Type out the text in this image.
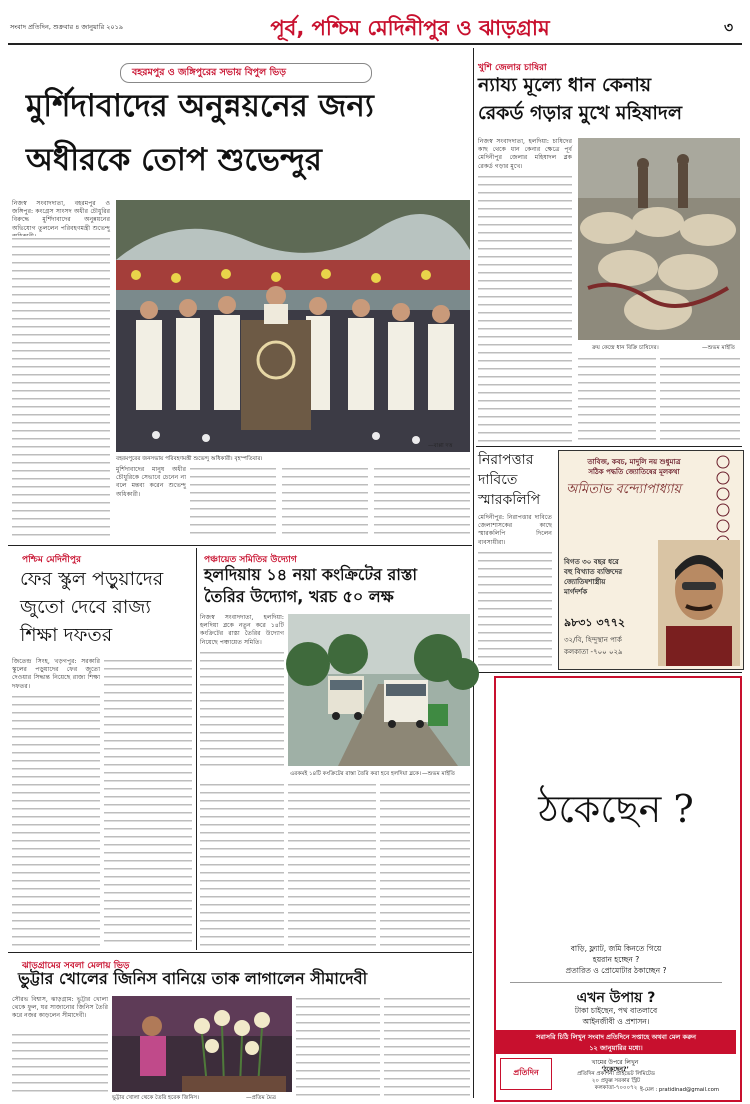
সংবাদ প্রতিদিন, শুক্রবার ৪ জানুয়ারি ২০১৯	পূর্ব, পশ্চিম মেদিনীপুর ও ঝাড়গ্রাম	৩
বহরমপুর ও জঙ্গিপুরের সভায় বিপুল ভিড়
মুর্শিদাবাদের অনুন্নয়নের জন্য
অধীরকে তোপ শুভেন্দুর
নিজস্ব সংবাদদাতা, বহরমপুর ও জঙ্গিপুর: কংগ্রেস সাংসদ অধীর চৌধুরির বিরুদ্ধে মুর্শিদাবাদের অনুন্নয়নের অভিযোগ তুললেন পরিবহণমন্ত্রী শুভেন্দু
বহরমপুরের জনসভায় পরিবহণমন্ত্রী শুভেন্দু অধিকারী। বৃহস্পতিবার।
—বাপ্পা দত্ত
মুর্শিদাবাদের মানুষ অধীর চৌধুরিকে সেভাবে চেনেন না বলে মন্তব্য করেন শুভেন্দু অধিকারী।
খুশি জেলার চাষিরা
ন্যায্য মূল্যে ধান কেনায়
রেকর্ড গড়ার মুখে মহিষাদল
নিজস্ব সংবাদদাতা, হলদিয়া: চাষিদের কাছ থেকে ধান কেনার ক্ষেত্রে পূর্ব মেদিনীপুর জেলার মহিষাদল ব্লক রেকর্ড গড়ার মুখে।
ক্রয় কেন্দ্রে ধান বিক্রি চাষিদের।	—শুভম মাইতি
নিরাপত্তার
দাবিতে
স্মারকলিপি
মেদিনীপুর: নিরাপত্তার দাবিতে জেলাশাসকের কাছে স্মারকলিপি দিলেন ব্যবসায়ীরা।
তাবিজ, কবচ, মাদুলি নয় শুধুমাত্র
সঠিক পদ্ধতি জ্যোতিষের মূলকথা
অমিতাভ বন্দ্যোপাধ্যায়
বিগত ৩০ বছর ধরে
বহু বিখ্যাত ব্যক্তিদের
জ্যোতিষশাস্ত্রীয়
মার্গদর্শক
৯৮৩১ ৩৭৭২
৩২/বি, হিন্দুস্থান পার্ক
কলকাতা -৭০০ ০২৯
পশ্চিম মেদিনীপুর
ফের স্কুল পড়ুয়াদের
জুতো দেবে রাজ্য
শিক্ষা দফতর
জিতেন্দ্র সিংহ, খড়গপুর: সরকারি স্কুলের পড়ুয়াদের ফের জুতো দেওয়ার সিদ্ধান্ত নিয়েছে রাজ্য শিক্ষা দফতর।
পঞ্চায়েত সমিতির উদ্যোগ
হলদিয়ায় ১৪ নয়া কংক্রিটের রাস্তা
তৈরির উদ্যোগ, খরচ ৫০ লক্ষ
নিজস্ব সংবাদদাতা, হলদিয়া: হলদিয়া ব্লকে নতুন করে ১৪টি কংক্রিটের রাস্তা তৈরির উদ্যোগ নিয়েছে পঞ্চায়েত সমিতি।
এরকমই ১৪টি কংক্রিটের রাস্তা তৈরি করা হবে হলদিয়া ব্লকে। —শুভম মাইতি
ঝাড়গ্রামের সবলা মেলায় ভিড়
ভুট্টার খোলের জিনিস বানিয়ে তাক লাগালেন সীমাদেবী
সৌরভ বিশ্বাস, ঝাড়গ্রাম: ভুট্টার খোলা থেকে ফুল, ঘর সাজানোর জিনিস তৈরি করে নজর কাড়লেন সীমাদেবী।
ভুট্টার খোলা থেকে তৈরি হরেক জিনিস।	—প্রতিম মৈত্র
ঠকেছেন ?
বাড়ি, ফ্ল্যাট, জমি কিনতে গিয়ে
হয়রান হচ্ছেন ?
প্রতারিত ও প্রোমোটার ঠকাচ্ছেন ?
এখন উপায় ?
টাকা চাইছেন, পথ বাতলাবে
আইনজীবী ও প্রশাসন।
সরাসরি চিঠি লিখুন সংবাদ প্রতিদিনে সপ্তাহে অথবা মেল করুন
১২ জানুয়ারির মধ্যে।
খামের উপরে লিখুন
‘ঠকেছেন?’
প্রতিদিন প্রকাশনী প্রাইভেট লিমিটেড
২০ প্রফুল্ল সরকার স্ট্রিট
কলকাতা-৭০০০৭২ ই-মেল : pratidinad@gmail.com
প্রতিদিন
